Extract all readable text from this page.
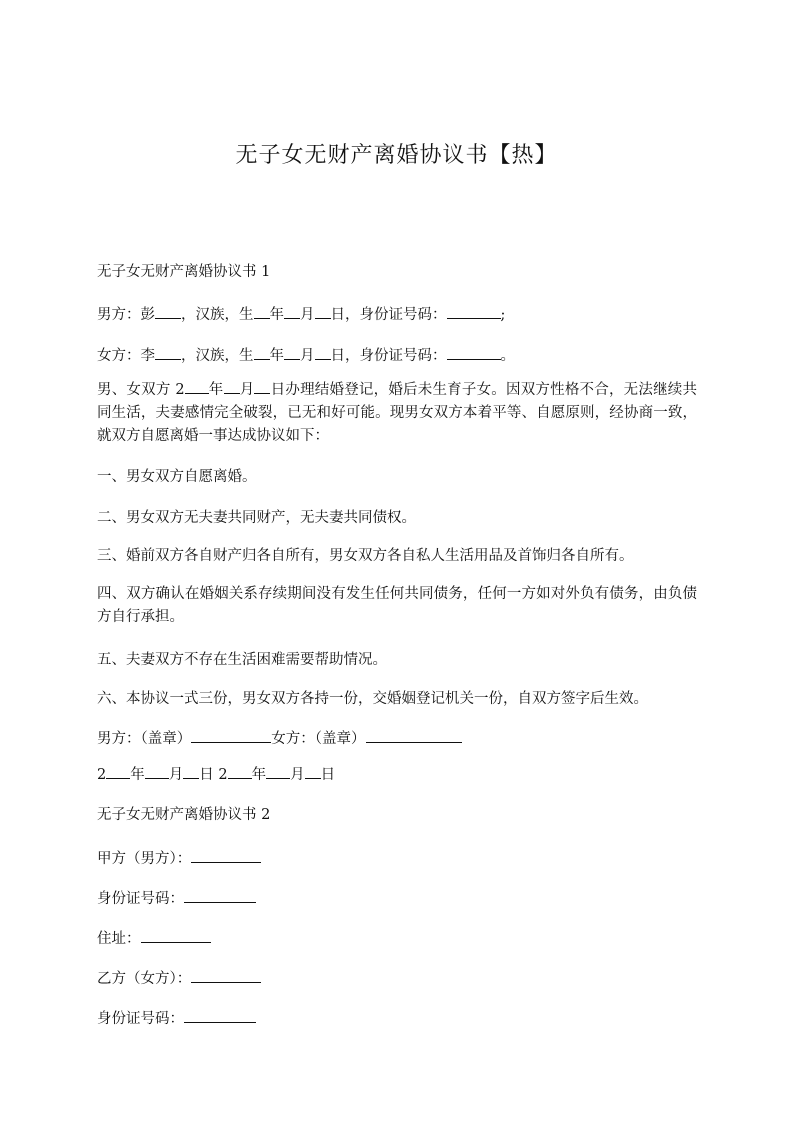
无子女无财产离婚协议书【热】
无子女无财产离婚协议书 1
男方：彭 ，汉族，生 年 月 日，身份证号码：	;
女方：李 ，汉族，生 年 月 日，身份证号码：	。
男、女双方 2 年 月 日办理结婚登记，婚后未生育子女。因双方性格不合，无法继续共同生活，夫妻感情完全破裂，已无和好可能。现男女双方本着平等、自愿原则，经协商一致，就双方自愿离婚一事达成协议如下：
一、男女双方自愿离婚。
二、男女双方无夫妻共同财产，无夫妻共同债权。
三、婚前双方各自财产归各自所有，男女双方各自私人生活用品及首饰归各自所有。
四、双方确认在婚姻关系存续期间没有发生任何共同债务，任何一方如对外负有债务，由负债方自行承担。
五、夫妻双方不存在生活困难需要帮助情况。
六、本协议一式三份，男女双方各持一份，交婚姻登记机关一份，自双方签字后生效。
男方：（盖章）	女方：（盖章）
2 年 月 日 2 年 月 日
无子女无财产离婚协议书 2
甲方（男方）：
身份证号码：
住址：
乙方（女方）：
身份证号码：
